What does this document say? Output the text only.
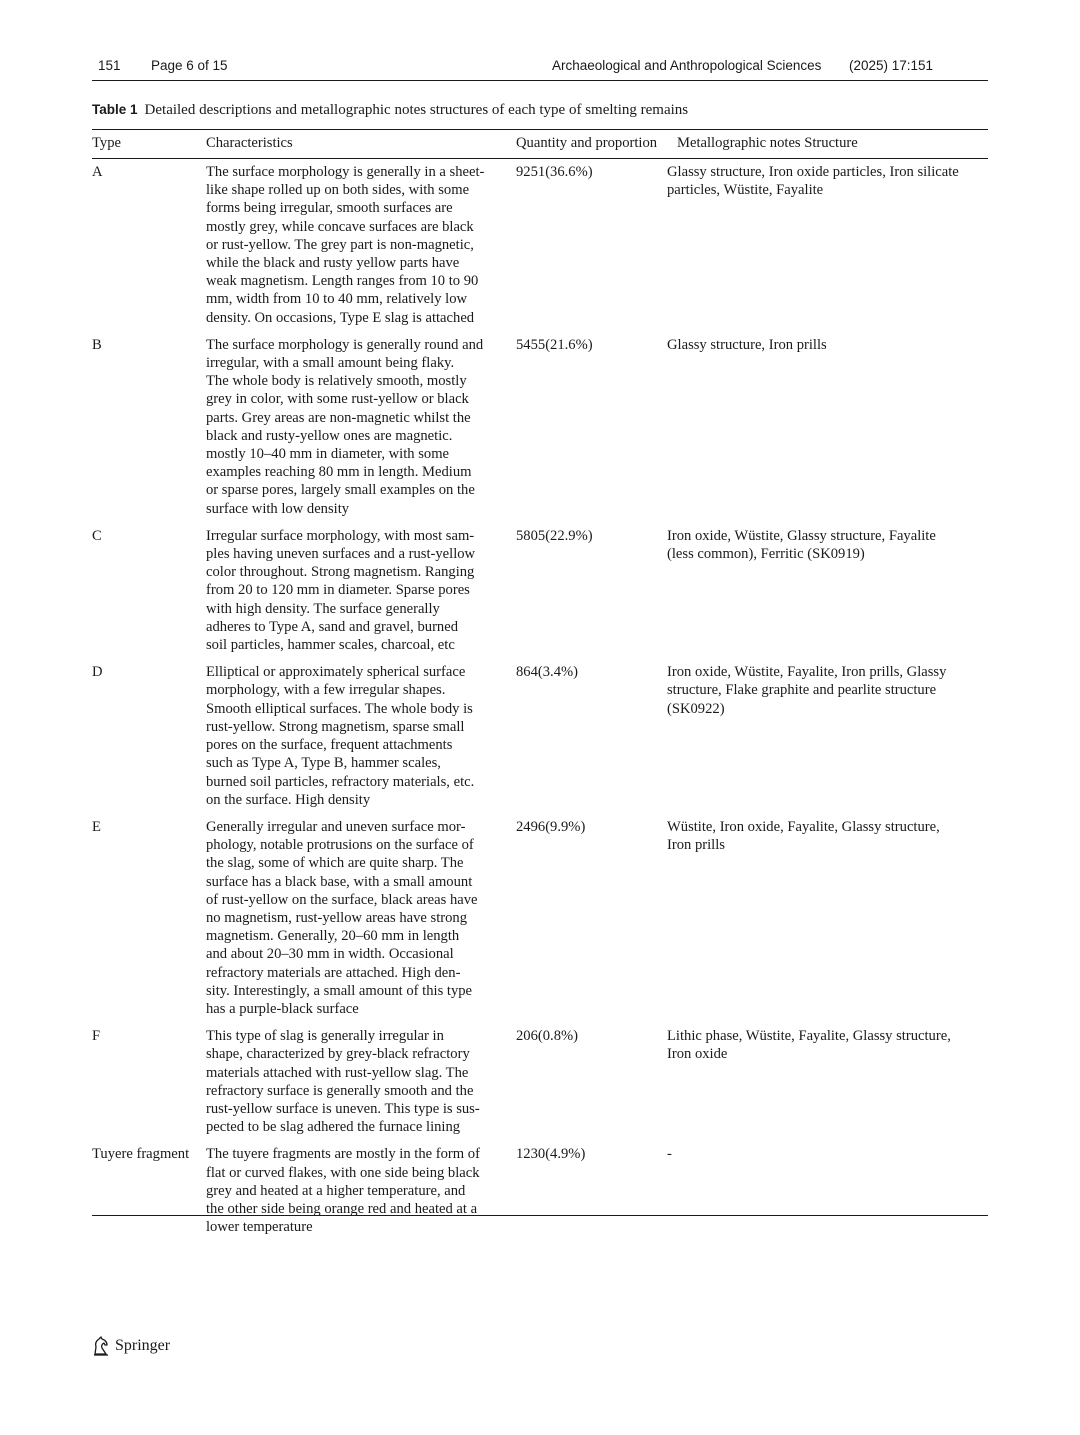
151 Page 6 of 15	Archaeological and Anthropological Sciences (2025) 17:151
Table 1 Detailed descriptions and metallographic notes structures of each type of smelting remains
Type	Characteristics	Quantity and proportion Metallographic notes Structure
A	The surface morphology is generally in a sheet-
like shape rolled up on both sides, with some
forms being irregular, smooth surfaces are
mostly grey, while concave surfaces are black
or rust-yellow. The grey part is non-magnetic,
while the black and rusty yellow parts have
weak magnetism. Length ranges from 10 to 90
mm, width from 10 to 40 mm, relatively low
density. On occasions, Type E slag is attached
9251(36.6%)	Glassy structure, Iron oxide particles, Iron silicate
particles, Wüstite, Fayalite
B	The surface morphology is generally round and
irregular, with a small amount being flaky.
The whole body is relatively smooth, mostly
grey in color, with some rust-yellow or black
parts. Grey areas are non-magnetic whilst the
black and rusty-yellow ones are magnetic.
mostly 10–40 mm in diameter, with some
examples reaching 80 mm in length. Medium
or sparse pores, largely small examples on the
surface with low density
5455(21.6%)	Glassy structure, Iron prills
C	Irregular surface morphology, with most sam-
ples having uneven surfaces and a rust-yellow
color throughout. Strong magnetism. Ranging
from 20 to 120 mm in diameter. Sparse pores
with high density. The surface generally
adheres to Type A, sand and gravel, burned
soil particles, hammer scales, charcoal, etc
5805(22.9%)	Iron oxide, Wüstite, Glassy structure, Fayalite
(less common), Ferritic (SK0919)
D	Elliptical or approximately spherical surface
morphology, with a few irregular shapes.
Smooth elliptical surfaces. The whole body is
rust-yellow. Strong magnetism, sparse small
pores on the surface, frequent attachments
such as Type A, Type B, hammer scales,
burned soil particles, refractory materials, etc.
on the surface. High density
864(3.4%)	Iron oxide, Wüstite, Fayalite, Iron prills, Glassy
structure, Flake graphite and pearlite structure
(SK0922)
E	Generally irregular and uneven surface mor-
phology, notable protrusions on the surface of
the slag, some of which are quite sharp. The
surface has a black base, with a small amount
of rust-yellow on the surface, black areas have
no magnetism, rust-yellow areas have strong
magnetism. Generally, 20–60 mm in length
and about 20–30 mm in width. Occasional
refractory materials are attached. High den-
sity. Interestingly, a small amount of this type
has a purple-black surface
2496(9.9%)	Wüstite, Iron oxide, Fayalite, Glassy structure,
Iron prills
F	This type of slag is generally irregular in
shape, characterized by grey-black refractory
materials attached with rust-yellow slag. The
refractory surface is generally smooth and the
rust-yellow surface is uneven. This type is sus-
pected to be slag adhered the furnace lining
206(0.8%)	Lithic phase, Wüstite, Fayalite, Glassy structure,
Iron oxide
Tuyere fragment	The tuyere fragments are mostly in the form of
flat or curved flakes, with one side being black
grey and heated at a higher temperature, and
the other side being orange red and heated at a
lower temperature
1230(4.9%)	-
Springer
